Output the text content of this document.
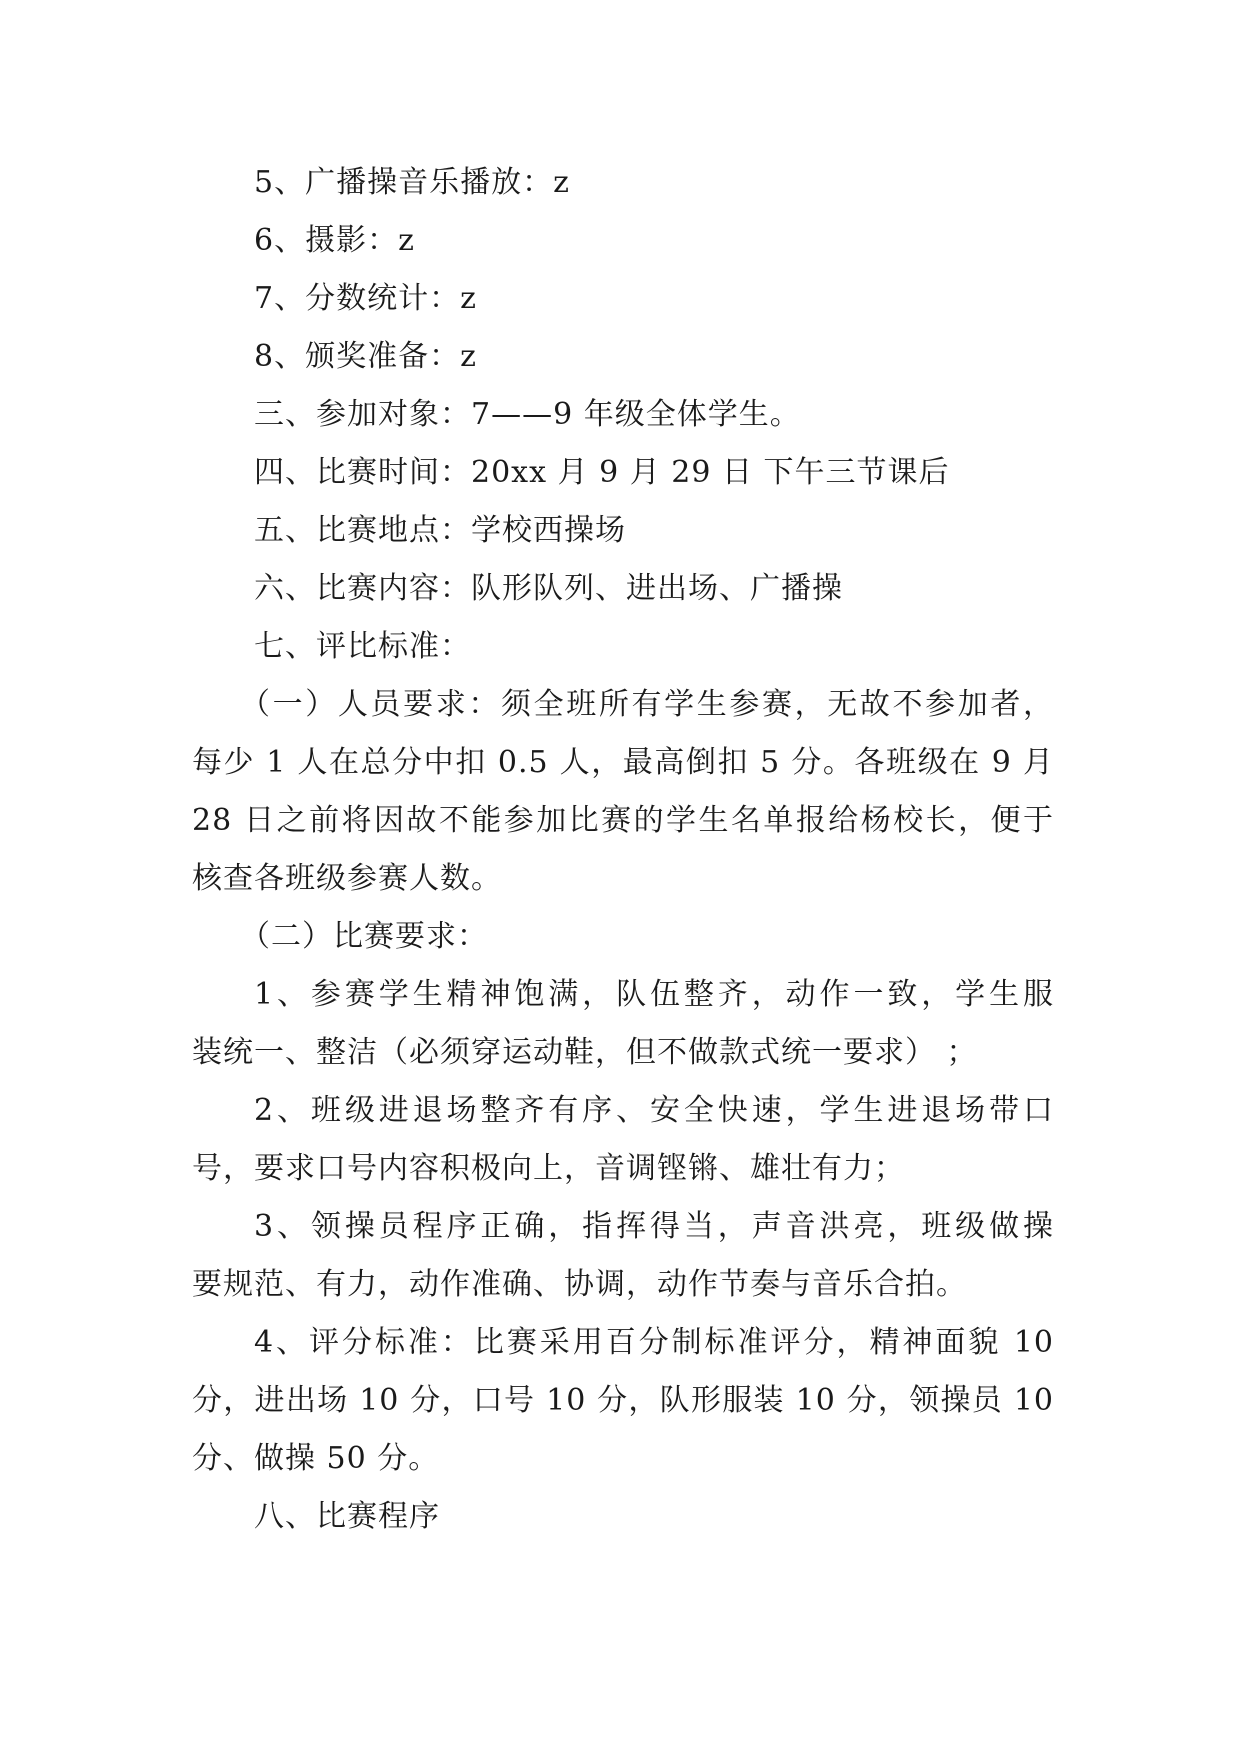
5、广播操音乐播放：z
6、摄影：z
7、分数统计：z
8、颁奖准备：z
三、参加对象：7——9 年级全体学生。
四、比赛时间：20xx 月 9 月 29 日 下午三节课后
五、比赛地点：学校西操场
六、比赛内容：队形队列、进出场、广播操
七、评比标准：
（一）人员要求：须全班所有学生参赛，无故不参加者，
每少 1 人在总分中扣 0.5 人，最高倒扣 5 分。各班级在 9 月
28 日之前将因故不能参加比赛的学生名单报给杨校长，便于
核查各班级参赛人数。
（二）比赛要求：
1、参赛学生精神饱满，队伍整齐，动作一致，学生服
装统一、整洁（必须穿运动鞋，但不做款式统一要求） ；
2、班级进退场整齐有序、安全快速，学生进退场带口
号，要求口号内容积极向上，音调铿锵、雄壮有力；
3、领操员程序正确，指挥得当，声音洪亮，班级做操
要规范、有力，动作准确、协调，动作节奏与音乐合拍。
4、评分标准：比赛采用百分制标准评分，精神面貌 10
分，进出场 10 分，口号 10 分，队形服装 10 分，领操员 10
分、做操 50 分。
八、比赛程序
